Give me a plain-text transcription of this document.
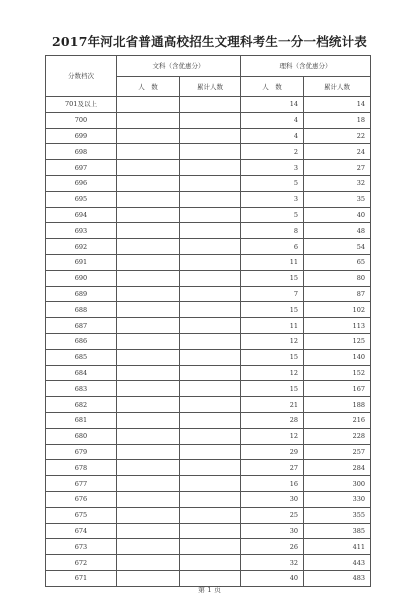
2017年河北省普通高校招生文理科考生一分一档统计表
分数档次	文科（含优惠分）		理科（含优惠分）	
	人　数	累计人数	人　数	累计人数
701及以上			14	14
700			4	18
699			4	22
698			2	24
697			3	27
696			5	32
695			3	35
694			5	40
693			8	48
692			6	54
691			11	65
690			15	80
689			7	87
688			15	102
687			11	113
686			12	125
685			15	140
684			12	152
683			15	167
682			21	188
681			28	216
680			12	228
679			29	257
678			27	284
677			16	300
676			30	330
675			25	355
674			30	385
673			26	411
672			32	443
671			40	483
第 1 页
